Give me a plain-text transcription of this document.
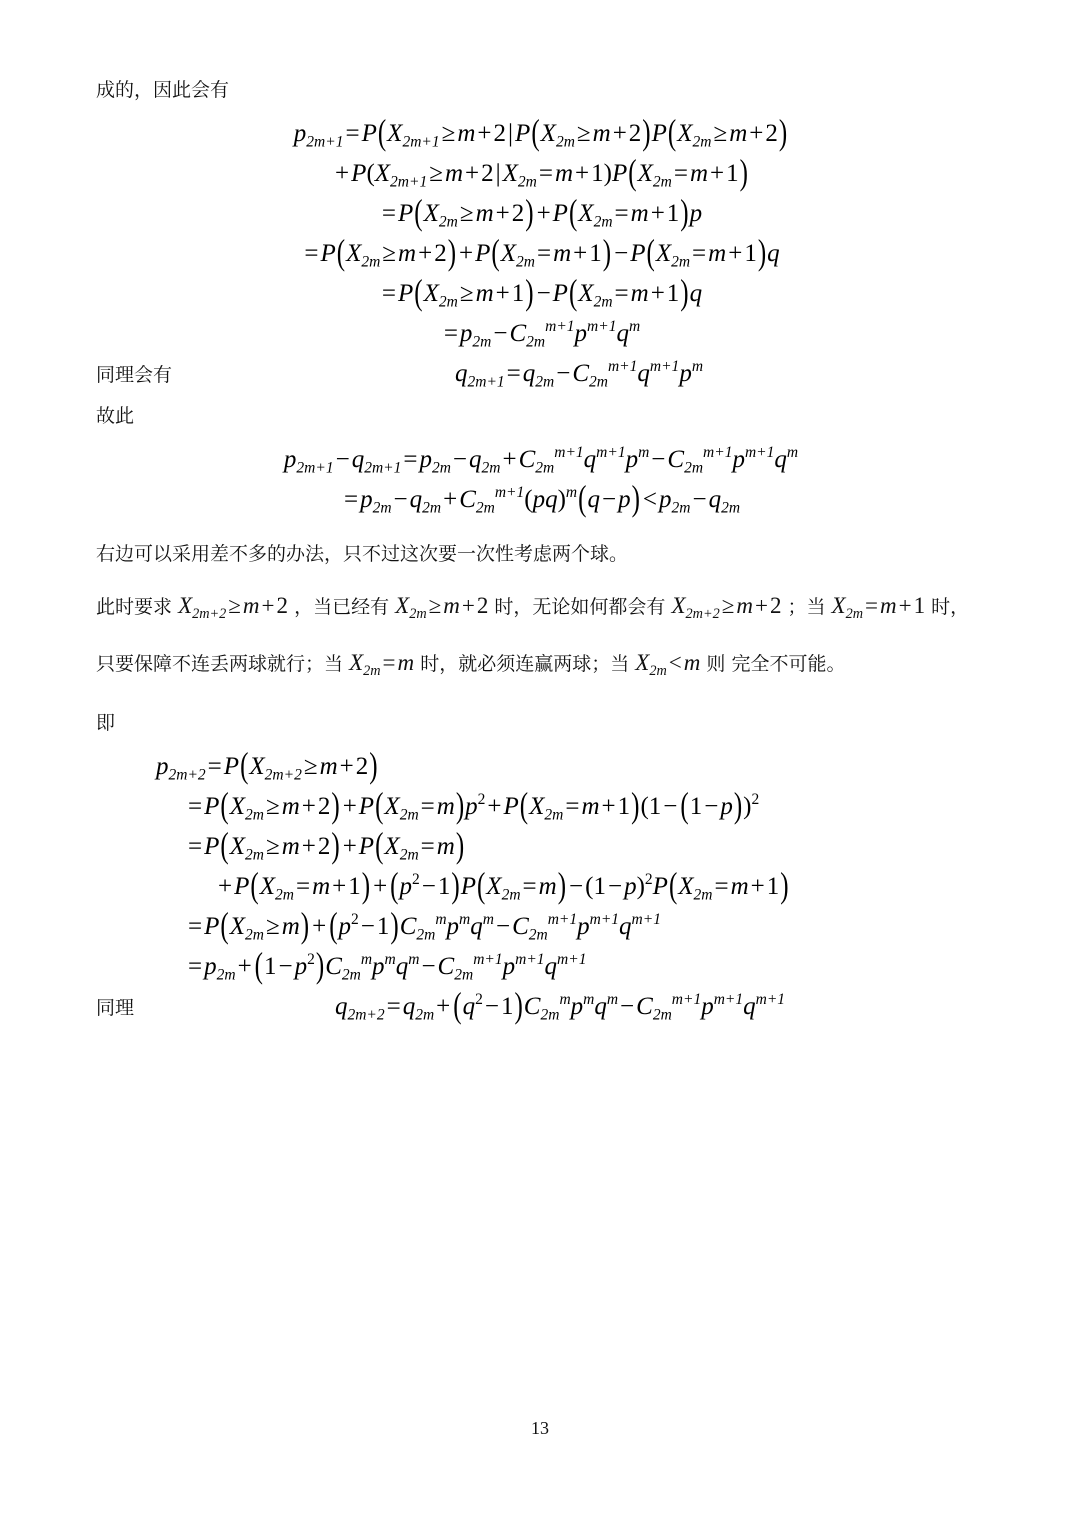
成的，因此会有
$p_{2m+1}=P(X_{2m+1}\ge m+2|P(X_{2m}\ge m+2)P(X_{2m}\ge m+2)$
$+P(X_{2m+1}\ge m+2|X_{2m}=m+1)P(X_{2m}=m+1)$
$=P(X_{2m}\ge m+2) +P(X_{2m}=m+1)p$
$=P(X_{2m}\ge m+2) +P(X_{2m}=m+1) -P(X_{2m}=m+1)q$
$=P(X_{2m}\ge m+1) -P(X_{2m}=m+1)q$
$=p_{2m}-C_{2m}^{m+1}p^{m+1}q^m$
同理会有	$q_{2m+1}=q_{2m}-C_{2m}^{m+1}q^{m+1}p^m$
故此
$p_{2m+1}-q_{2m+1}=p_{2m}-q_{2m}+C_{2m}^{m+1}q^{m+1}p^m-C_{2m}^{m+1}p^{m+1}q^m$
$=p_{2m}-q_{2m}+C_{2m}^{m+1}(pq)^m(q-p) <p_{2m}-q_{2m}$
右边可以采用差不多的办法，只不过这次要一次性考虑两个球。
此时要求 $X_{2m+2}\ge m+2$ ，当已经有 $X_{2m}\ge m+2$ 时，无论如何都会有 $X_{2m+2}\ge m+2$ ；当 $X_{2m}=m+1$ 时，只要保障不连丢两球就行；当 $X_{2m}=m$ 时，就必须连赢两球；当 $X_{2m}<m$ 则 完全不可能。
即
$p_{2m+2}=P(X_{2m+2}\ge m+2)$
$=P(X_{2m}\ge m+2) +P(X_{2m}=m)p^2+P(X_{2m}=m+1)(1- (1-p))^2$
$=P(X_{2m}\ge m+2) +P(X_{2m}=m)$
$+P(X_{2m}=m+1) + (p^2-1)P(X_{2m}=m) -(1-p)^2P(X_{2m}=m+1)$
$=P(X_{2m}\ge m) + (p^2-1)C_{2m}^mp^mq^m-C_{2m}^{m+1}p^{m+1}q^{m+1}$
$=p_{2m}+ (1-p^2)C_{2m}^mp^mq^m-C_{2m}^{m+1}p^{m+1}q^{m+1}$
同理	$q_{2m+2}=q_{2m}+ (q^2-1)C_{2m}^mp^mq^m-C_{2m}^{m+1}p^{m+1}q^{m+1}$
13
